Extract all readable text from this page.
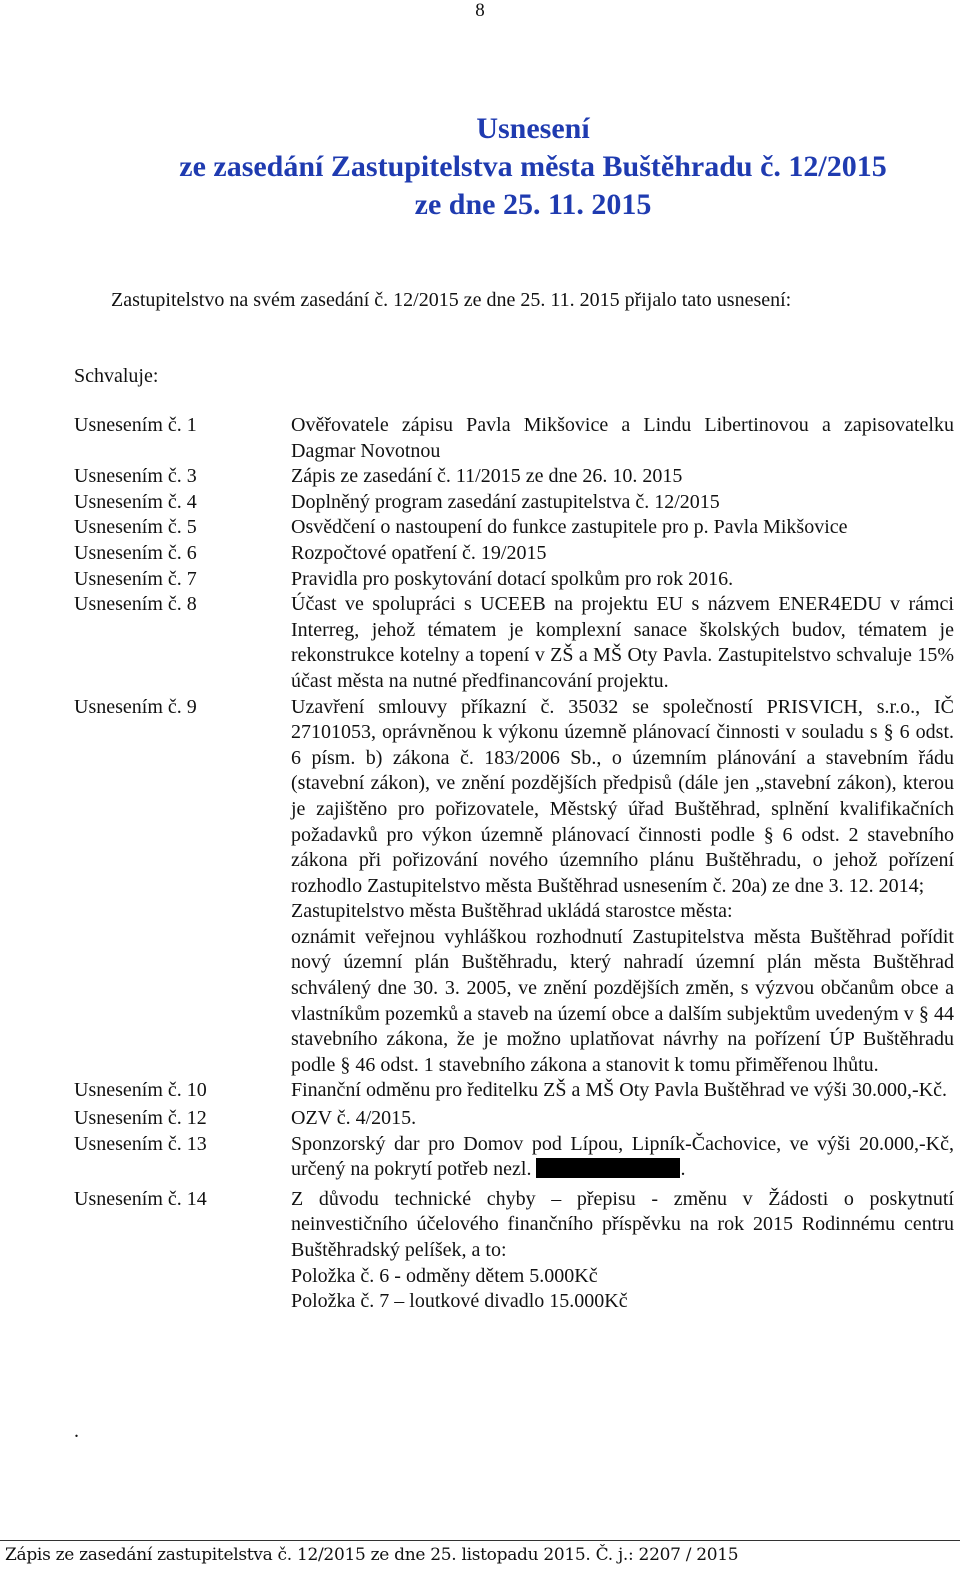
8
Usnesení
ze zasedání Zastupitelstva města Buštěhradu č. 12/2015
ze dne 25. 11. 2015
Zastupitelstvo na svém zasedání č. 12/2015 ze dne 25. 11. 2015 přijalo tato usnesení:
Schvaluje:
Usnesením č. 1	Ověřovatele zápisu Pavla Mikšovice a Lindu Libertinovou a zapisovatelku Dagmar Novotnou
Usnesením č. 3	Zápis ze zasedání č. 11/2015 ze dne 26. 10. 2015
Usnesením č. 4	Doplněný program zasedání zastupitelstva č. 12/2015
Usnesením č. 5	Osvědčení o nastoupení do funkce zastupitele pro p. Pavla Mikšovice
Usnesením č. 6	Rozpočtové opatření č. 19/2015
Usnesením č. 7	Pravidla pro poskytování dotací spolkům pro rok 2016.
Usnesením č. 8	Účast ve spolupráci s UCEEB na projektu EU s názvem ENER4EDU v rámci Interreg, jehož tématem je komplexní sanace školských budov, tématem je rekonstrukce kotelny a topení v ZŠ a MŠ Oty Pavla. Zastupitelstvo schvaluje 15% účast města na nutné předfinancování projektu.
Usnesením č. 9	Uzavření smlouvy příkazní č. 35032 se společností PRISVICH, s.r.o., IČ 27101053, oprávněnou k výkonu územně plánovací činnosti v souladu s § 6 odst. 6 písm. b) zákona č. 183/2006 Sb., o územním plánování a stavebním řádu (stavební zákon), ve znění pozdějších předpisů (dále jen „stavební zákon), kterou je zajištěno pro pořizovatele, Městský úřad Buštěhrad, splnění kvalifikačních požadavků pro výkon územně plánovací činnosti podle § 6 odst. 2 stavebního zákona při pořizování nového územního plánu Buštěhradu, o jehož pořízení rozhodlo Zastupitelstvo města Buštěhrad usnesením č. 20a) ze dne 3. 12. 2014;
Zastupitelstvo města Buštěhrad ukládá starostce města:
oznámit veřejnou vyhláškou rozhodnutí Zastupitelstva města Buštěhrad pořídit nový územní plán Buštěhradu, který nahradí územní plán města Buštěhrad schválený dne 30. 3. 2005, ve znění pozdějších změn, s výzvou občanům obce a vlastníkům pozemků a staveb na území obce a dalším subjektům uvedeným v § 44 stavebního zákona, že je možno uplatňovat návrhy na pořízení ÚP Buštěhradu podle § 46 odst. 1 stavebního zákona a stanovit k tomu přiměřenou lhůtu.
Usnesením č. 10	Finanční odměnu pro ředitelku ZŠ a MŠ Oty Pavla Buštěhrad ve výši 30.000,-Kč.
Usnesením č. 12	OZV č. 4/2015.
Usnesením č. 13	Sponzorský dar pro Domov pod Lípou, Lipník-Čachovice, ve výši 20.000,-Kč, určený na pokrytí potřeb nezl.	.
Usnesením č. 14	Z důvodu technické chyby – přepisu - změnu v Žádosti o poskytnutí neinvestičního účelového finančního příspěvku na rok 2015 Rodinnému centru Buštěhradský pelíšek, a to:
Položka č. 6 - odměny dětem 5.000Kč
Položka č. 7 – loutkové divadlo 15.000Kč
.
Zápis ze zasedání zastupitelstva č. 12/2015 ze dne 25. listopadu 2015. Č. j.: 2207 / 2015
